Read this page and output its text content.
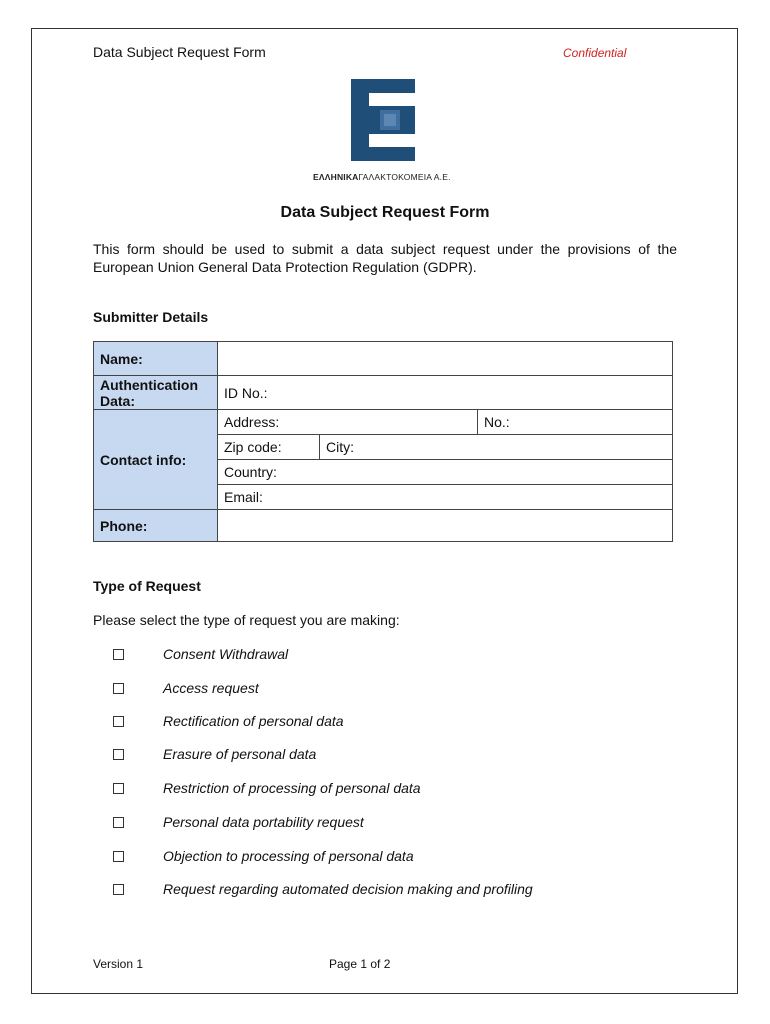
Data Subject Request Form	Confidential
ΕΛΛΗΝΙΚΑΓΑΛΑΚΤΟΚΟΜΕΙΑ Α.Ε.
Data Subject Request Form
This form should be used to submit a data subject request under the provisions of the European Union General Data Protection Regulation (GDPR).
Submitter Details
Name:			
Authentication Data:	ID No.:		
Contact info:	Address:		No.:
	Zip code:	City:	
	Country:		
	Email:		
Phone:			
Type of Request
Please select the type of request you are making:
Consent Withdrawal
Access request
Rectification of personal data
Erasure of personal data
Restriction of processing of personal data
Personal data portability request
Objection to processing of personal data
Request regarding automated decision making and profiling
Version 1	Page 1 of 2
